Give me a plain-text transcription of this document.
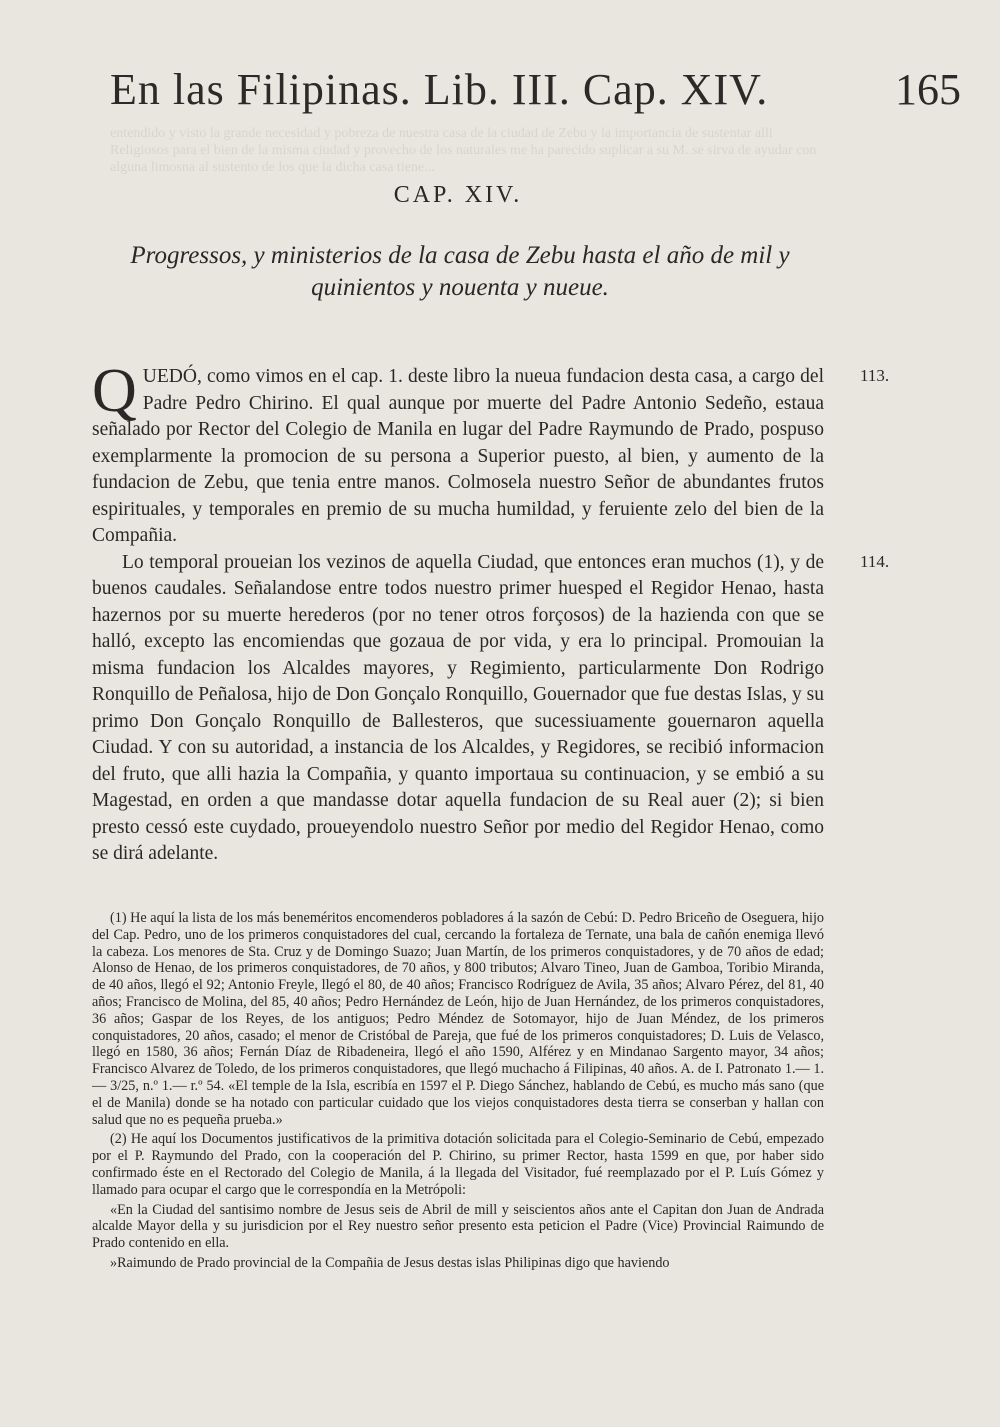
entendido y visto la grande necesidad y pobreza de nuestra casa de la ciudad de Zebu y la importancia de sustentar alli Religiosos para el bien de la misma ciudad y provecho de los naturales me ha parecido suplicar a su M. se sirva de ayudar con alguna limosna al sustento de los que la dicha casa tiene...
En las Filipinas. Lib. III. Cap. XIV.	165
CAP. XIV.
Progressos, y ministerios de la casa de Zebu hasta el año de mil y quinientos y nouenta y nueue.

QUEDÓ, como vimos en el cap. 1. deste libro la nueua fundacion desta casa, a cargo del Padre Pedro Chirino. El qual aunque por muerte del Padre Antonio Sedeño, estaua señalado por Rector del Colegio de Manila en lugar del Padre Raymundo de Prado, pospuso exemplarmente la promocion de su persona a Superior puesto, al bien, y aumento de la fundacion de Zebu, que tenia entre manos. Colmosela nuestro Señor de abundantes frutos espirituales, y temporales en premio de su mucha humildad, y feruiente zelo del bien de la Compañia.

Lo temporal proueian los vezinos de aquella Ciudad, que entonces eran muchos (1), y de buenos caudales. Señalandose entre todos nuestro primer huesped el Regidor Henao, hasta hazernos por su muerte herederos (por no tener otros forçosos) de la hazienda con que se halló, excepto las encomiendas que gozaua de por vida, y era lo principal. Promouian la misma fundacion los Alcaldes mayores, y Regimiento, particularmente Don Rodrigo Ronquillo de Peñalosa, hijo de Don Gonçalo Ronquillo, Gouernador que fue destas Islas, y su primo Don Gonçalo Ronquillo de Ballesteros, que sucessiuamente gouernaron aquella Ciudad. Y con su autoridad, a instancia de los Alcaldes, y Regidores, se recibió informacion del fruto, que alli hazia la Compañia, y quanto importaua su continuacion, y se embió a su Magestad, en orden a que mandasse dotar aquella fundacion de su Real auer (2); si bien presto cessó este cuydado, proueyendolo nuestro Señor por medio del Regidor Henao, como se dirá adelante.

113.
114.

(1) He aquí la lista de los más beneméritos encomenderos pobladores á la sazón de Cebú: D. Pedro Briceño de Oseguera, hijo del Cap. Pedro, uno de los primeros conquistadores del cual, cercando la fortaleza de Ternate, una bala de cañón enemiga llevó la cabeza. Los menores de Sta. Cruz y de Domingo Suazo; Juan Martín, de los primeros conquistadores, y de 70 años de edad; Alonso de Henao, de los primeros conquistadores, de 70 años, y 800 tributos; Alvaro Tineo, Juan de Gamboa, Toribio Miranda, de 40 años, llegó el 92; Antonio Freyle, llegó el 80, de 40 años; Francisco Rodríguez de Avila, 35 años; Alvaro Pérez, del 81, 40 años; Francisco de Molina, del 85, 40 años; Pedro Hernández de León, hijo de Juan Hernández, de los primeros conquistadores, 36 años; Gaspar de los Reyes, de los antiguos; Pedro Méndez de Sotomayor, hijo de Juan Méndez, de los primeros conquistadores, 20 años, casado; el menor de Cristóbal de Pareja, que fué de los primeros conquistadores; D. Luis de Velasco, llegó en 1580, 36 años; Fernán Díaz de Ribadeneira, llegó el año 1590, Alférez y en Mindanao Sargento mayor, 34 años; Francisco Alvarez de Toledo, de los primeros conquistadores, que llegó muchacho á Filipinas, 40 años. A. de I. Patronato 1.— 1.— 3/25, n.º 1.— r.º 54. «El temple de la Isla, escribía en 1597 el P. Diego Sánchez, hablando de Cebú, es mucho más sano (que el de Manila) donde se ha notado con particular cuidado que los viejos conquistadores desta tierra se conserban y hallan con salud que no es pequeña prueba.»

(2) He aquí los Documentos justificativos de la primitiva dotación solicitada para el Colegio-Seminario de Cebú, empezado por el P. Raymundo del Prado, con la cooperación del P. Chirino, su primer Rector, hasta 1599 en que, por haber sido confirmado éste en el Rectorado del Colegio de Manila, á la llegada del Visitador, fué reemplazado por el P. Luís Gómez y llamado para ocupar el cargo que le correspondía en la Metrópoli:

«En la Ciudad del santisimo nombre de Jesus seis de Abril de mill y seiscientos años ante el Capitan don Juan de Andrada alcalde Mayor della y su jurisdicion por el Rey nuestro señor presento esta peticion el Padre (Vice) Provincial Raimundo de Prado contenido en ella.

»Raimundo de Prado provincial de la Compañia de Jesus destas islas Philipinas digo que haviendo
